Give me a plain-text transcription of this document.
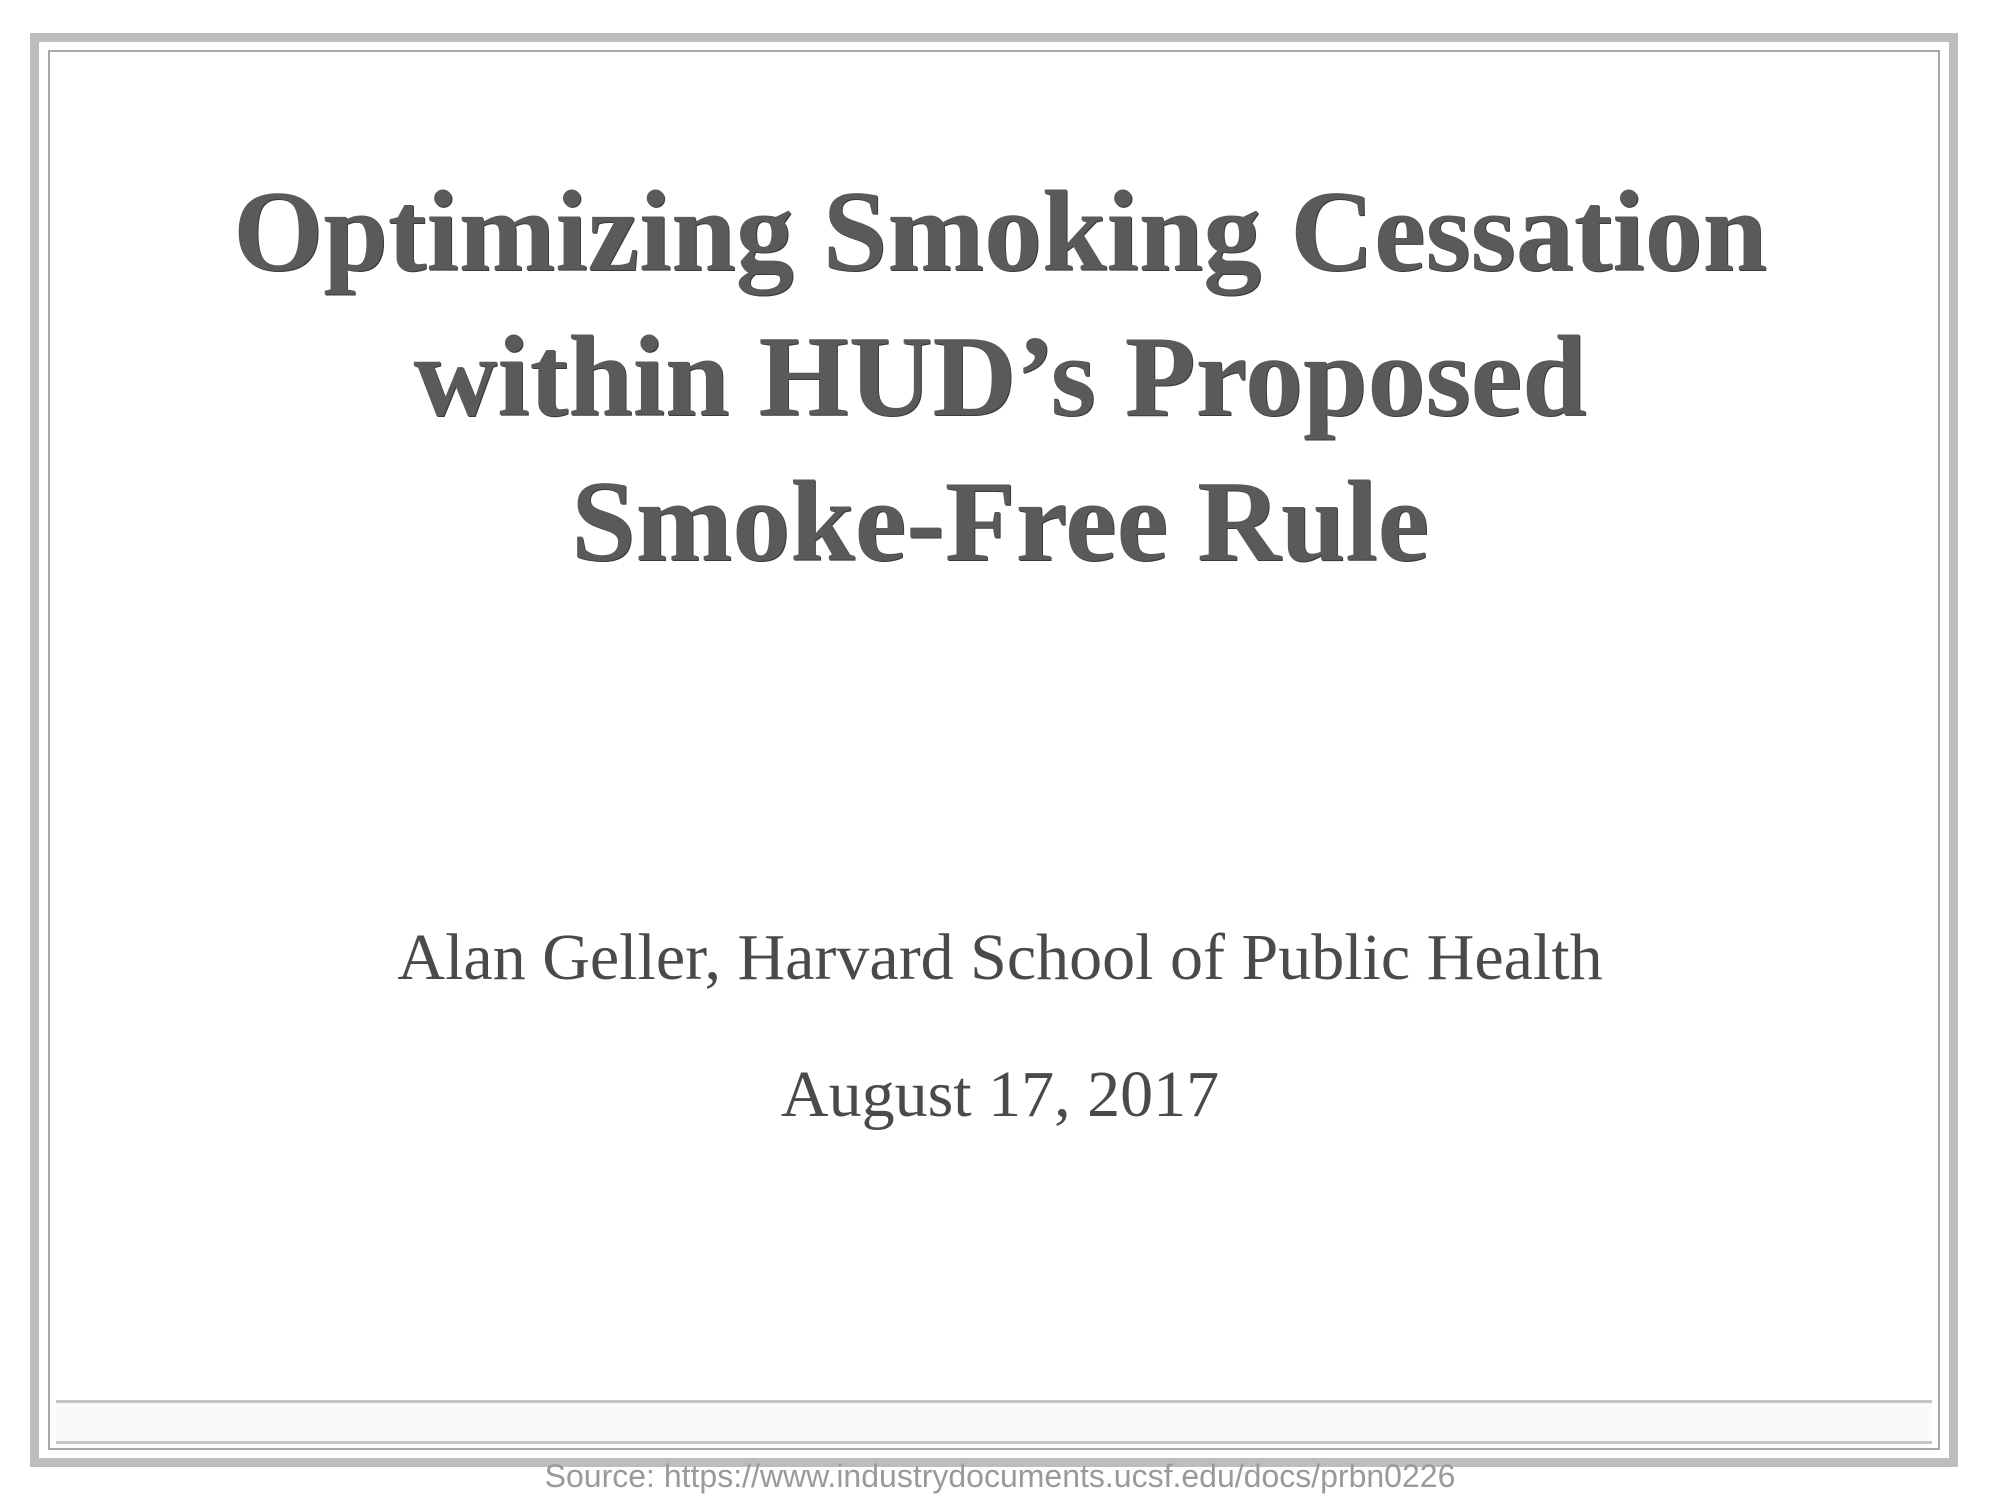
Optimizing Smoking Cessation
within HUD’s Proposed
Smoke-Free Rule
Alan Geller, Harvard School of Public Health
August 17, 2017
Source: https://www.industrydocuments.ucsf.edu/docs/prbn0226
